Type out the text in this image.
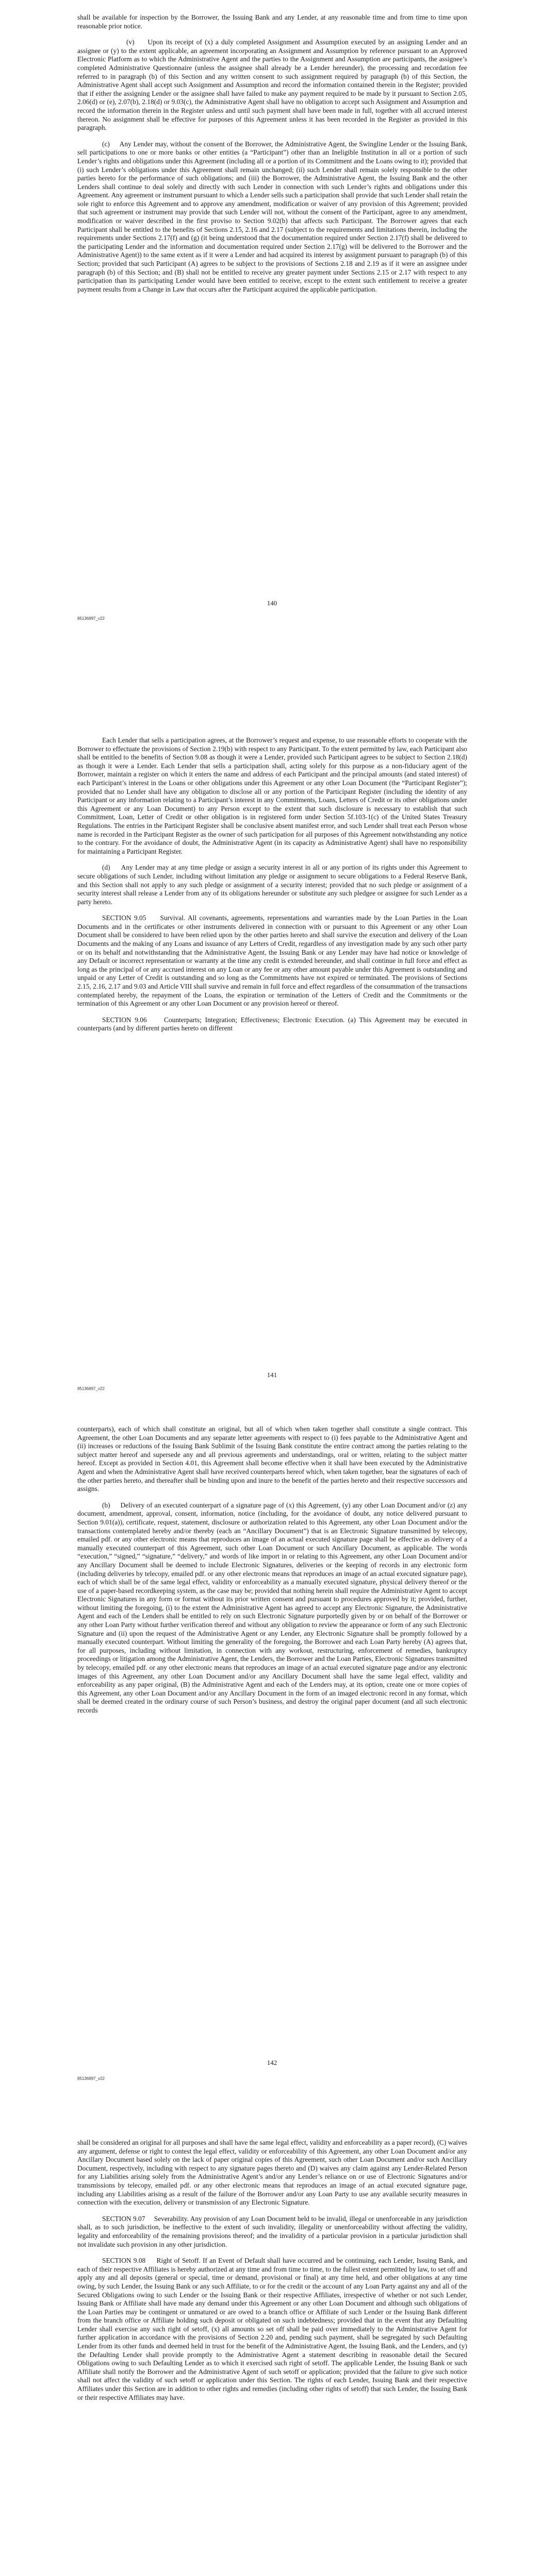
shall be available for inspection by the Borrower, the Issuing Bank and any Lender, at any reasonable time and from time to time upon reasonable prior notice.

(v)     Upon its receipt of (x) a duly completed Assignment and Assumption executed by an assigning Lender and an assignee or (y) to the extent applicable, an agreement incorporating an Assignment and Assumption by reference pursuant to an Approved Electronic Platform as to which the Administrative Agent and the parties to the Assignment and Assumption are participants, the assignee’s completed Administrative Questionnaire (unless the assignee shall already be a Lender hereunder), the processing and recordation fee referred to in paragraph (b) of this Section and any written consent to such assignment required by paragraph (b) of this Section, the Administrative Agent shall accept such Assignment and Assumption and record the information contained therein in the Register; provided that if either the assigning Lender or the assignee shall have failed to make any payment required to be made by it pursuant to Section 2.05, 2.06(d) or (e), 2.07(b), 2.18(d) or 9.03(c), the Administrative Agent shall have no obligation to accept such Assignment and Assumption and record the information therein in the Register unless and until such payment shall have been made in full, together with all accrued interest thereon. No assignment shall be effective for purposes of this Agreement unless it has been recorded in the Register as provided in this paragraph.

(c)     Any Lender may, without the consent of the Borrower, the Administrative Agent, the Swingline Lender or the Issuing Bank, sell participations to one or more banks or other entities (a “Participant”) other than an Ineligible Institution in all or a portion of such Lender’s rights and obligations under this Agreement (including all or a portion of its Commitment and the Loans owing to it); provided that (i) such Lender’s obligations under this Agreement shall remain unchanged; (ii) such Lender shall remain solely responsible to the other parties hereto for the performance of such obligations; and (iii) the Borrower, the Administrative Agent, the Issuing Bank and the other Lenders shall continue to deal solely and directly with such Lender in connection with such Lender’s rights and obligations under this Agreement. Any agreement or instrument pursuant to which a Lender sells such a participation shall provide that such Lender shall retain the sole right to enforce this Agreement and to approve any amendment, modification or waiver of any provision of this Agreement; provided that such agreement or instrument may provide that such Lender will not, without the consent of the Participant, agree to any amendment, modification or waiver described in the first proviso to Section 9.02(b) that affects such Participant. The Borrower agrees that each Participant shall be entitled to the benefits of Sections 2.15, 2.16 and 2.17 (subject to the requirements and limitations therein, including the requirements under Sections 2.17(f) and (g) (it being understood that the documentation required under Section 2.17(f) shall be delivered to the participating Lender and the information and documentation required under Section 2.17(g) will be delivered to the Borrower and the Administrative Agent)) to the same extent as if it were a Lender and had acquired its interest by assignment pursuant to paragraph (b) of this Section; provided that such Participant (A) agrees to be subject to the provisions of Sections 2.18 and 2.19 as if it were an assignee under paragraph (b) of this Section; and (B) shall not be entitled to receive any greater payment under Sections 2.15 or 2.17 with respect to any participation than its participating Lender would have been entitled to receive, except to the extent such entitlement to receive a greater payment results from a Change in Law that occurs after the Participant acquired the applicable participation.

140
85136897_v22

Each Lender that sells a participation agrees, at the Borrower’s request and expense, to use reasonable efforts to cooperate with the Borrower to effectuate the provisions of Section 2.19(b) with respect to any Participant. To the extent permitted by law, each Participant also shall be entitled to the benefits of Section 9.08 as though it were a Lender, provided such Participant agrees to be subject to Section 2.18(d) as though it were a Lender. Each Lender that sells a participation shall, acting solely for this purpose as a non-fiduciary agent of the Borrower, maintain a register on which it enters the name and address of each Participant and the principal amounts (and stated interest) of each Participant’s interest in the Loans or other obligations under this Agreement or any other Loan Document (the “Participant Register”); provided that no Lender shall have any obligation to disclose all or any portion of the Participant Register (including the identity of any Participant or any information relating to a Participant’s interest in any Commitments, Loans, Letters of Credit or its other obligations under this Agreement or any Loan Document) to any Person except to the extent that such disclosure is necessary to establish that such Commitment, Loan, Letter of Credit or other obligation is in registered form under Section 5f.103-1(c) of the United States Treasury Regulations. The entries in the Participant Register shall be conclusive absent manifest error, and such Lender shall treat each Person whose name is recorded in the Participant Register as the owner of such participation for all purposes of this Agreement notwithstanding any notice to the contrary. For the avoidance of doubt, the Administrative Agent (in its capacity as Administrative Agent) shall have no responsibility for maintaining a Participant Register.

(d)     Any Lender may at any time pledge or assign a security interest in all or any portion of its rights under this Agreement to secure obligations of such Lender, including without limitation any pledge or assignment to secure obligations to a Federal Reserve Bank, and this Section shall not apply to any such pledge or assignment of a security interest; provided that no such pledge or assignment of a security interest shall release a Lender from any of its obligations hereunder or substitute any such pledgee or assignee for such Lender as a party hereto.

SECTION 9.05     Survival. All covenants, agreements, representations and warranties made by the Loan Parties in the Loan Documents and in the certificates or other instruments delivered in connection with or pursuant to this Agreement or any other Loan Document shall be considered to have been relied upon by the other parties hereto and shall survive the execution and delivery of the Loan Documents and the making of any Loans and issuance of any Letters of Credit, regardless of any investigation made by any such other party or on its behalf and notwithstanding that the Administrative Agent, the Issuing Bank or any Lender may have had notice or knowledge of any Default or incorrect representation or warranty at the time any credit is extended hereunder, and shall continue in full force and effect as long as the principal of or any accrued interest on any Loan or any fee or any other amount payable under this Agreement is outstanding and unpaid or any Letter of Credit is outstanding and so long as the Commitments have not expired or terminated. The provisions of Sections 2.15, 2.16, 2.17 and 9.03 and Article VIII shall survive and remain in full force and effect regardless of the consummation of the transactions contemplated hereby, the repayment of the Loans, the expiration or termination of the Letters of Credit and the Commitments or the termination of this Agreement or any other Loan Document or any provision hereof or thereof.

SECTION 9.06     Counterparts; Integration; Effectiveness; Electronic Execution. (a) This Agreement may be executed in counterparts (and by different parties hereto on different

141
85136897_v22

counterparts), each of which shall constitute an original, but all of which when taken together shall constitute a single contract. This Agreement, the other Loan Documents and any separate letter agreements with respect to (i) fees payable to the Administrative Agent and (ii) increases or reductions of the Issuing Bank Sublimit of the Issuing Bank constitute the entire contract among the parties relating to the subject matter hereof and supersede any and all previous agreements and understandings, oral or written, relating to the subject matter hereof. Except as provided in Section 4.01, this Agreement shall become effective when it shall have been executed by the Administrative Agent and when the Administrative Agent shall have received counterparts hereof which, when taken together, bear the signatures of each of the other parties hereto, and thereafter shall be binding upon and inure to the benefit of the parties hereto and their respective successors and assigns.

(b)     Delivery of an executed counterpart of a signature page of (x) this Agreement, (y) any other Loan Document and/or (z) any document, amendment, approval, consent, information, notice (including, for the avoidance of doubt, any notice delivered pursuant to Section 9.01(a)), certificate, request, statement, disclosure or authorization related to this Agreement, any other Loan Document and/or the transactions contemplated hereby and/or thereby (each an “Ancillary Document”) that is an Electronic Signature transmitted by telecopy, emailed pdf. or any other electronic means that reproduces an image of an actual executed signature page shall be effective as delivery of a manually executed counterpart of this Agreement, such other Loan Document or such Ancillary Document, as applicable. The words “execution,” “signed,” “signature,” “delivery,” and words of like import in or relating to this Agreement, any other Loan Document and/or any Ancillary Document shall be deemed to include Electronic Signatures, deliveries or the keeping of records in any electronic form (including deliveries by telecopy, emailed pdf. or any other electronic means that reproduces an image of an actual executed signature page), each of which shall be of the same legal effect, validity or enforceability as a manually executed signature, physical delivery thereof or the use of a paper-based recordkeeping system, as the case may be; provided that nothing herein shall require the Administrative Agent to accept Electronic Signatures in any form or format without its prior written consent and pursuant to procedures approved by it; provided, further, without limiting the foregoing, (i) to the extent the Administrative Agent has agreed to accept any Electronic Signature, the Administrative Agent and each of the Lenders shall be entitled to rely on such Electronic Signature purportedly given by or on behalf of the Borrower or any other Loan Party without further verification thereof and without any obligation to review the appearance or form of any such Electronic Signature and (ii) upon the request of the Administrative Agent or any Lender, any Electronic Signature shall be promptly followed by a manually executed counterpart. Without limiting the generality of the foregoing, the Borrower and each Loan Party hereby (A) agrees that, for all purposes, including without limitation, in connection with any workout, restructuring, enforcement of remedies, bankruptcy proceedings or litigation among the Administrative Agent, the Lenders, the Borrower and the Loan Parties, Electronic Signatures transmitted by telecopy, emailed pdf. or any other electronic means that reproduces an image of an actual executed signature page and/or any electronic images of this Agreement, any other Loan Document and/or any Ancillary Document shall have the same legal effect, validity and enforceability as any paper original, (B) the Administrative Agent and each of the Lenders may, at its option, create one or more copies of this Agreement, any other Loan Document and/or any Ancillary Document in the form of an imaged electronic record in any format, which shall be deemed created in the ordinary course of such Person’s business, and destroy the original paper document (and all such electronic records

142
85136897_v22

shall be considered an original for all purposes and shall have the same legal effect, validity and enforceability as a paper record), (C) waives any argument, defense or right to contest the legal effect, validity or enforceability of this Agreement, any other Loan Document and/or any Ancillary Document based solely on the lack of paper original copies of this Agreement, such other Loan Document and/or such Ancillary Document, respectively, including with respect to any signature pages thereto and (D) waives any claim against any Lender-Related Person for any Liabilities arising solely from the Administrative Agent’s and/or any Lender’s reliance on or use of Electronic Signatures and/or transmissions by telecopy, emailed pdf. or any other electronic means that reproduces an image of an actual executed signature page, including any Liabilities arising as a result of the failure of the Borrower and/or any Loan Party to use any available security measures in connection with the execution, delivery or transmission of any Electronic Signature.

SECTION 9.07     Severability. Any provision of any Loan Document held to be invalid, illegal or unenforceable in any jurisdiction shall, as to such jurisdiction, be ineffective to the extent of such invalidity, illegality or unenforceability without affecting the validity, legality and enforceability of the remaining provisions thereof; and the invalidity of a particular provision in a particular jurisdiction shall not invalidate such provision in any other jurisdiction.

SECTION 9.08     Right of Setoff. If an Event of Default shall have occurred and be continuing, each Lender, Issuing Bank, and each of their respective Affiliates is hereby authorized at any time and from time to time, to the fullest extent permitted by law, to set off and apply any and all deposits (general or special, time or demand, provisional or final) at any time held, and other obligations at any time owing, by such Lender, the Issuing Bank or any such Affiliate, to or for the credit or the account of any Loan Party against any and all of the Secured Obligations owing to such Lender or the Issuing Bank or their respective Affiliates, irrespective of whether or not such Lender, Issuing Bank or Affiliate shall have made any demand under this Agreement or any other Loan Document and although such obligations of the Loan Parties may be contingent or unmatured or are owed to a branch office or Affiliate of such Lender or the Issuing Bank different from the branch office or Affiliate holding such deposit or obligated on such indebtedness; provided that in the event that any Defaulting Lender shall exercise any such right of setoff, (x) all amounts so set off shall be paid over immediately to the Administrative Agent for further application in accordance with the provisions of Section 2.20 and, pending such payment, shall be segregated by such Defaulting Lender from its other funds and deemed held in trust for the benefit of the Administrative Agent, the Issuing Bank, and the Lenders, and (y) the Defaulting Lender shall provide promptly to the Administrative Agent a statement describing in reasonable detail the Secured Obligations owing to such Defaulting Lender as to which it exercised such right of setoff. The applicable Lender, the Issuing Bank or such Affiliate shall notify the Borrower and the Administrative Agent of such setoff or application; provided that the failure to give such notice shall not affect the validity of such setoff or application under this Section. The rights of each Lender, Issuing Bank and their respective Affiliates under this Section are in addition to other rights and remedies (including other rights of setoff) that such Lender, the Issuing Bank or their respective Affiliates may have.
